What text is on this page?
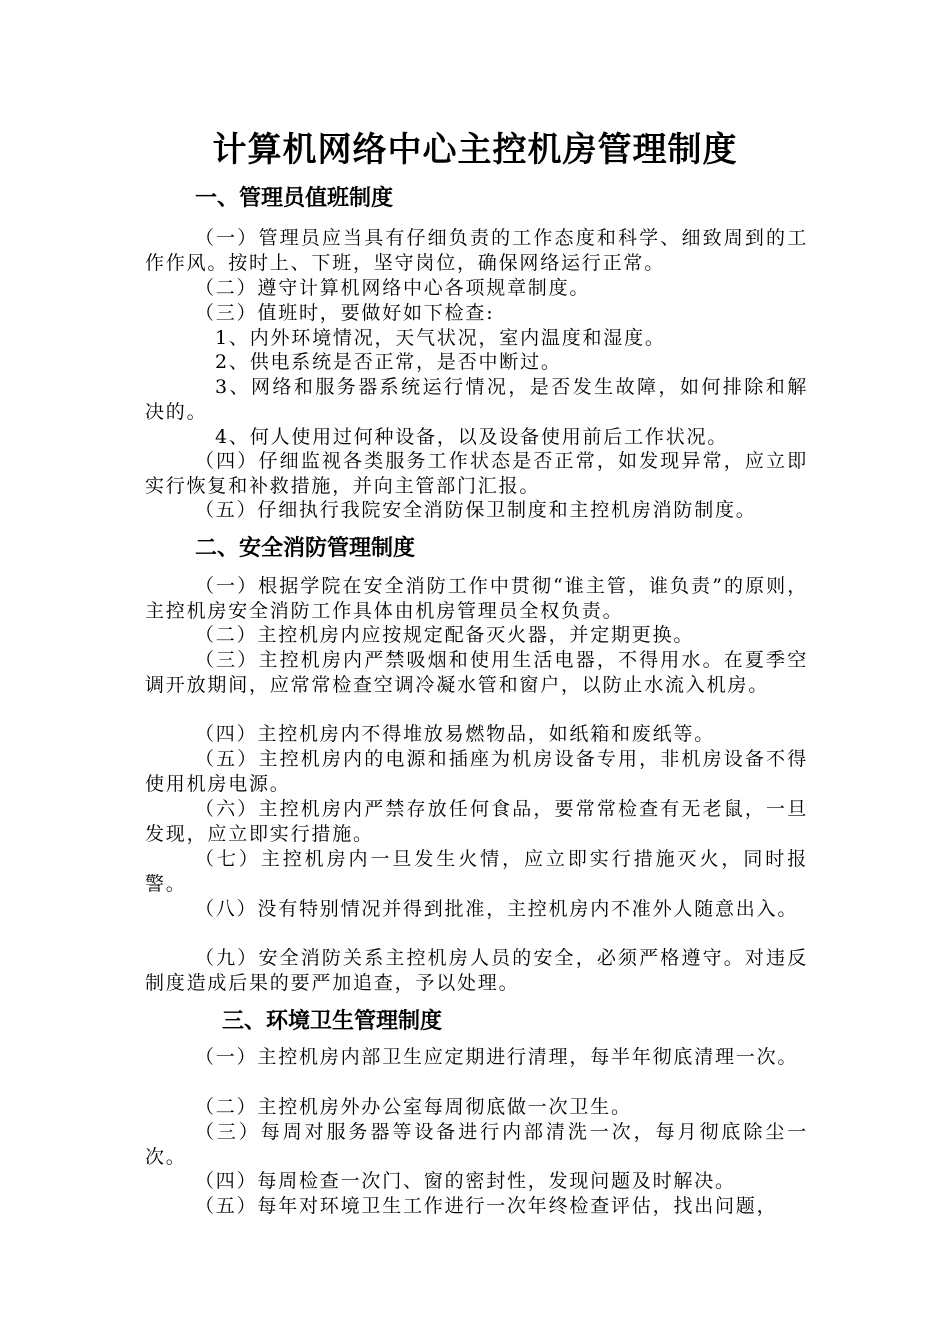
计算机网络中心主控机房管理制度
一、管理员值班制度
（一）管理员应当具有仔细负责的工作态度和科学、细致周到的工作作风。按时上、下班，坚守岗位，确保网络运行正常。
（二）遵守计算机网络中心各项规章制度。
（三）值班时，要做好如下检查:
1、内外环境情况，天气状况，室内温度和湿度。
2、供电系统是否正常，是否中断过。
3、网络和服务器系统运行情况，是否发生故障，如何排除和解决的。
4、何人使用过何种设备，以及设备使用前后工作状况。
（四）仔细监视各类服务工作状态是否正常，如发现异常，应立即实行恢复和补救措施，并向主管部门汇报。
（五）仔细执行我院安全消防保卫制度和主控机房消防制度。
二、安全消防管理制度
（一）根据学院在安全消防工作中贯彻“谁主管，谁负责”的原则，主控机房安全消防工作具体由机房管理员全权负责。
（二）主控机房内应按规定配备灭火器，并定期更换。
（三）主控机房内严禁吸烟和使用生活电器，不得用水。在夏季空调开放期间，应常常检查空调冷凝水管和窗户，以防止水流入机房。
（四）主控机房内不得堆放易燃物品，如纸箱和废纸等。
（五）主控机房内的电源和插座为机房设备专用，非机房设备不得使用机房电源。
（六）主控机房内严禁存放任何食品，要常常检查有无老鼠，一旦发现，应立即实行措施。
（七）主控机房内一旦发生火情，应立即实行措施灭火，同时报警。
（八）没有特别情况并得到批准，主控机房内不准外人随意出入。
（九）安全消防关系主控机房人员的安全，必须严格遵守。对违反制度造成后果的要严加追查，予以处理。
三、环境卫生管理制度
（一）主控机房内部卫生应定期进行清理，每半年彻底清理一次。
（二）主控机房外办公室每周彻底做一次卫生。
（三）每周对服务器等设备进行内部清洗一次，每月彻底除尘一次。
（四）每周检查一次门、窗的密封性，发现问题及时解决。
（五）每年对环境卫生工作进行一次年终检查评估，找出问题，
